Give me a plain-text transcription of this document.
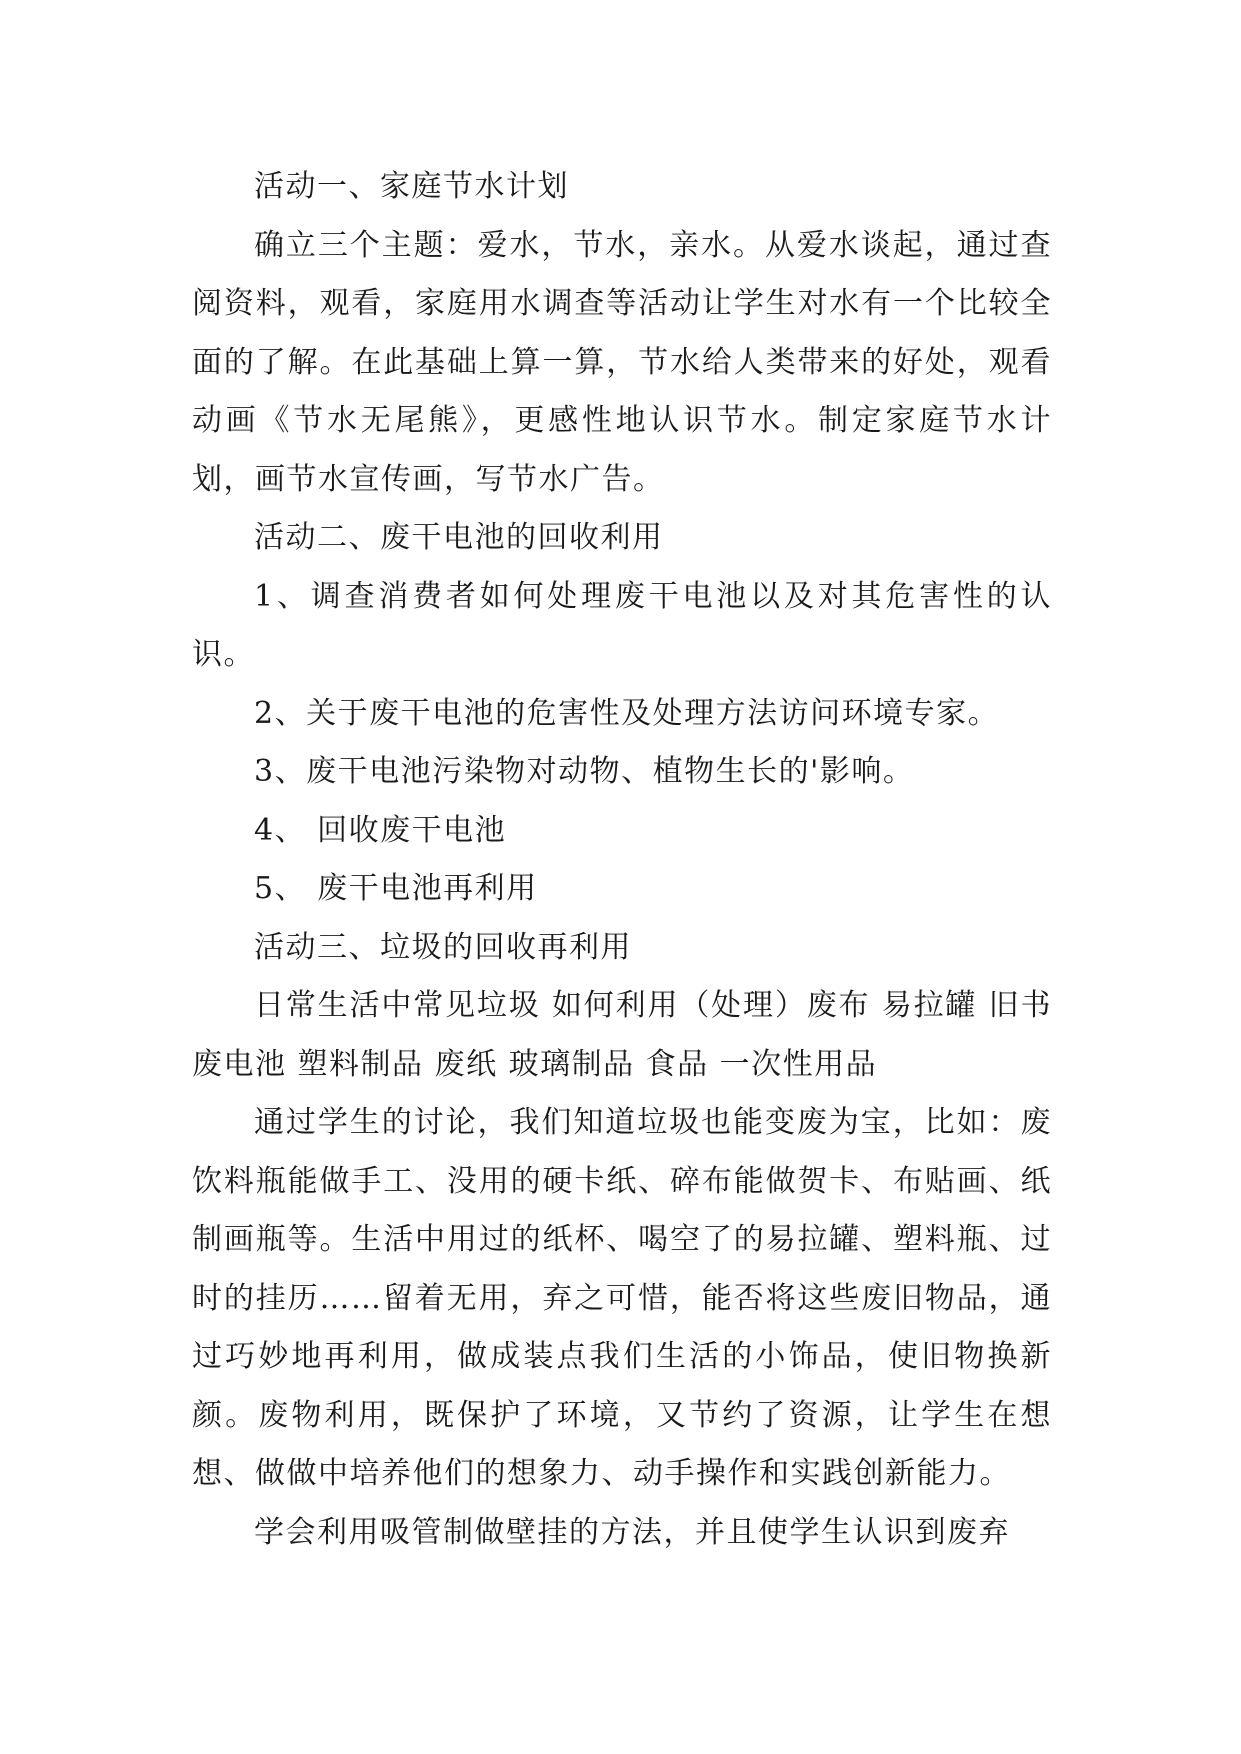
活动一、家庭节水计划

确立三个主题：爱水，节水，亲水。从爱水谈起，通过查阅资料，观看，家庭用水调查等活动让学生对水有一个比较全面的了解。在此基础上算一算，节水给人类带来的好处，观看动画《节水无尾熊》，更感性地认识节水。制定家庭节水计划，画节水宣传画，写节水广告。

活动二、废干电池的回收利用

1、调查消费者如何处理废干电池以及对其危害性的认识。

2、关于废干电池的危害性及处理方法访问环境专家。

3、废干电池污染物对动物、植物生长的'影响。

4、 回收废干电池

5、 废干电池再利用

活动三、垃圾的回收再利用

日常生活中常见垃圾 如何利用（处理）废布 易拉罐 旧书废电池 塑料制品 废纸 玻璃制品 食品 一次性用品

通过学生的讨论，我们知道垃圾也能变废为宝，比如：废饮料瓶能做手工、没用的硬卡纸、碎布能做贺卡、布贴画、纸制画瓶等。生活中用过的纸杯、喝空了的易拉罐、塑料瓶、过时的挂历……留着无用，弃之可惜，能否将这些废旧物品，通过巧妙地再利用，做成装点我们生活的小饰品，使旧物换新颜。废物利用，既保护了环境，又节约了资源，让学生在想想、做做中培养他们的想象力、动手操作和实践创新能力。

学会利用吸管制做壁挂的方法，并且使学生认识到废弃
